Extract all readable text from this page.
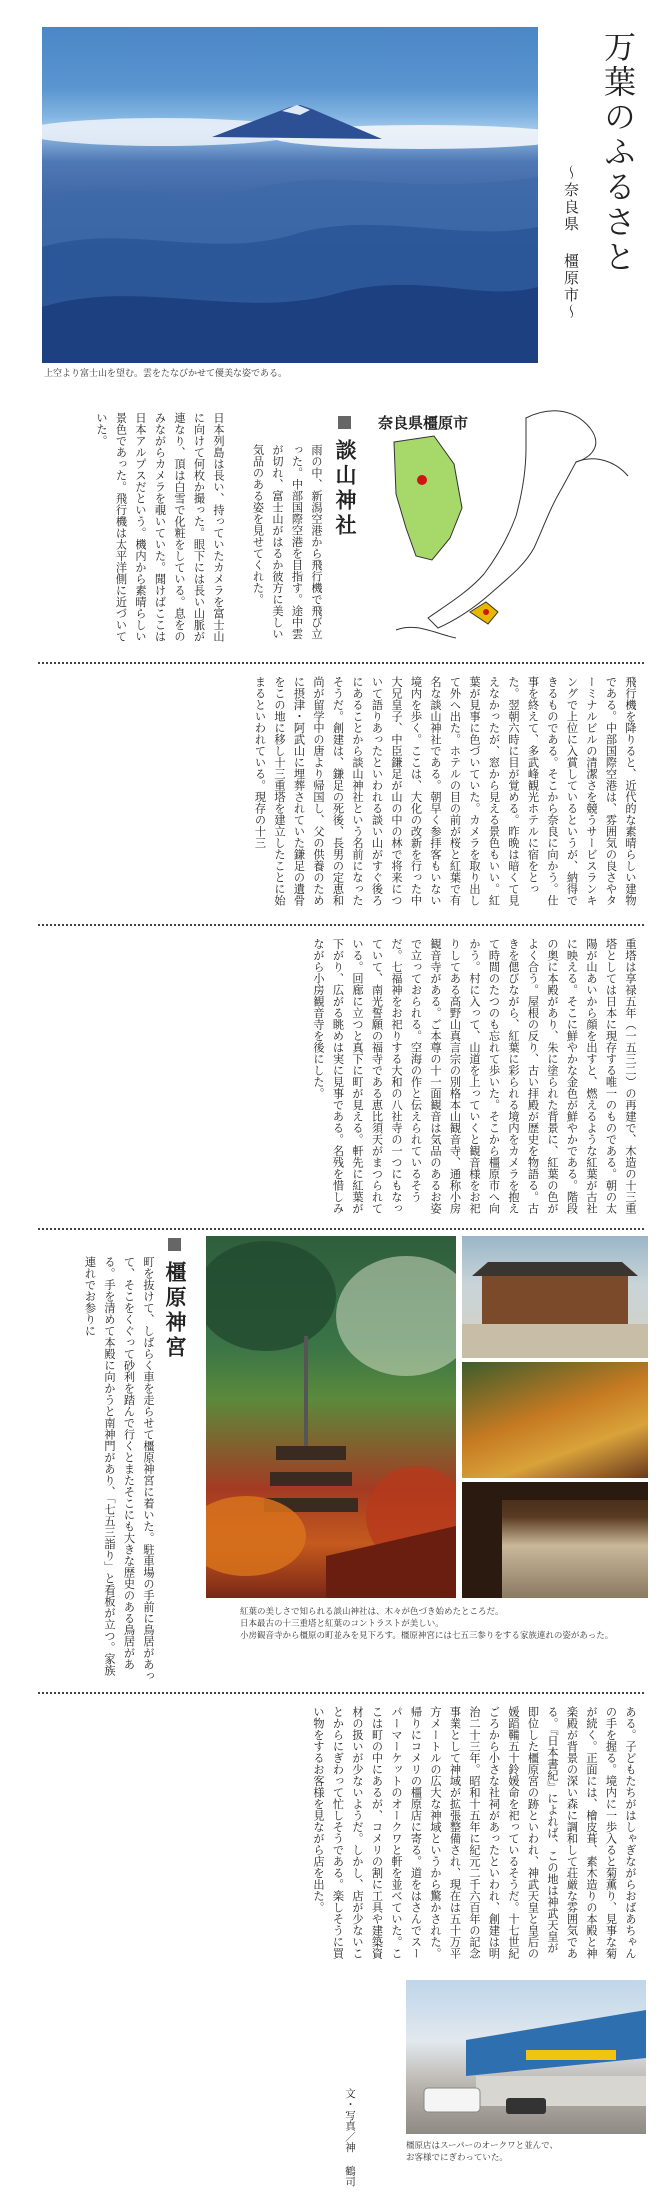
上空より富士山を望む。雲をたなびかせて優美な姿である。
万葉のふるさと
～奈良県 橿原市～
日本列島は長い、持っていたカメラを富士山に向けて何枚か撮った。眼下には長い山脈が連なり、頂は白雪で化粧をしている。息をのみながらカメラを覗いていた。聞けばここは日本アルプスだという。機内から素晴らしい景色であった。飛行機は太平洋側に近づいていた。
雨の中、新潟空港から飛行機で飛び立った。中部国際空港を目指す。途中雲が切れ、富士山がはるか彼方に美しい気品のある姿を見せてくれた。	談山神社
奈良県橿原市
飛行機を降りると、近代的な素晴らしい建物である。中部国際空港は、雰囲気の良さやターミナルビルの清潔さを競うサービスランキングで上位に入賞しているというが、納得できるものである。そこから奈良に向かう。仕事を終えて、多武峰観光ホテルに宿をとった。翌朝六時に目が覚める。昨晩は暗くて見えなかったが、窓から見える景色もいい。紅葉が見事に色づいていた。カメラを取り出して外へ出た。ホテルの目の前が桜と紅葉で有名な談山神社である。朝早く参拝客もいない境内を歩く。ここは、大化の改新を行った中大兄皇子、中臣鎌足が山の中の林で将来について語りあったといわれる談い山がすぐ後ろにあることから談山神社という名前になったそうだ。創建は、鎌足の死後、長男の定恵和尚が留学中の唐より帰国し、父の供養のために摂津・阿武山に埋葬されていた鎌足の遺骨をこの地に移し十三重塔を建立したことに始まるといわれている。現存の十三
重塔は享禄五年（一五三二）の再建で、木造の十三重塔としては日本に現存する唯一のものである。朝の太陽が山あいから顔を出すと、燃えるような紅葉が古社に映える。そこに鮮やかな金色が鮮やかである。階段の奥に本殿があり、朱に塗られた背景に、紅葉の色がよく合う。屋根の反り、古い拝殿が歴史を物語る。古きを偲びながら、紅葉に彩られる境内をカメラを抱えて時間のたつのも忘れて歩いた。そこから橿原市へ向かう。村に入って、山道を上っていくと観音様をお祀りしてある高野山真言宗の別格本山観音寺、通称小房観音寺がある。ご本尊の十一面観音は気品のあるお姿で立っておられる。空海の作と伝えられているそうだ。七福神をお祀りする大和の八社寺の一つにもなっていて、南光誓願の福寺である恵比須天がまつられている。回廊に立つと真下に町が見える。軒先に紅葉が下がり、広がる眺めは実に見事である。名残を惜しみながら小房観音寺を後にした。
橿原神宮
町を抜けて、しばらく車を走らせて橿原神宮に着いた。駐車場の手前に鳥居があって、そこをくぐって砂利を踏んで行くとまたそこにも大きな歴史のある鳥居がある。手を清めて本殿に向かうと南神門があり、「七五三詣り」と看板が立つ。家族連れでお参りに
紅葉の美しさで知られる談山神社は、木々が色づき始めたところだ。
日本最古の十三重塔と紅葉のコントラストが美しい。
小房観音寺から橿原の町並みを見下ろす。橿原神宮には七五三参りをする家族連れの姿があった。
ある。子どもたちがはしゃぎながらおばあちゃんの手を握る。境内に一歩入ると菊薫り、見事な菊が続く。正面には、檜皮葺、素木造りの本殿と神楽殿が背景の深い森に調和して荘厳な雰囲気である。『日本書紀』によれば、この地は神武天皇が即位した橿原宮の跡といわれ、神武天皇と皇后の媛蹈鞴五十鈴媛命を祀っているそうだ。十七世紀ごろから小さな社祠があったといわれ、創建は明治二十三年。昭和十五年に紀元二千六百年の記念事業として神域が拡張整備され、現在は五十万平方メートルの広大な神域というから驚かされた。帰りにコメリの橿原店に寄る。道をはさんでスーパーマーケットのオークワと軒を並べていた。ここは町の中にあるが、コメリの割に工具や建築資材の扱いが少ないようだ。しかし、店が少ないことからにぎわって忙しそうである。楽しそうに買い物をするお客様を見ながら店を出た。
文・写真／神 鶴司	橿原店はスーパーのオークワと並んで、
お客様でにぎわっていた。
